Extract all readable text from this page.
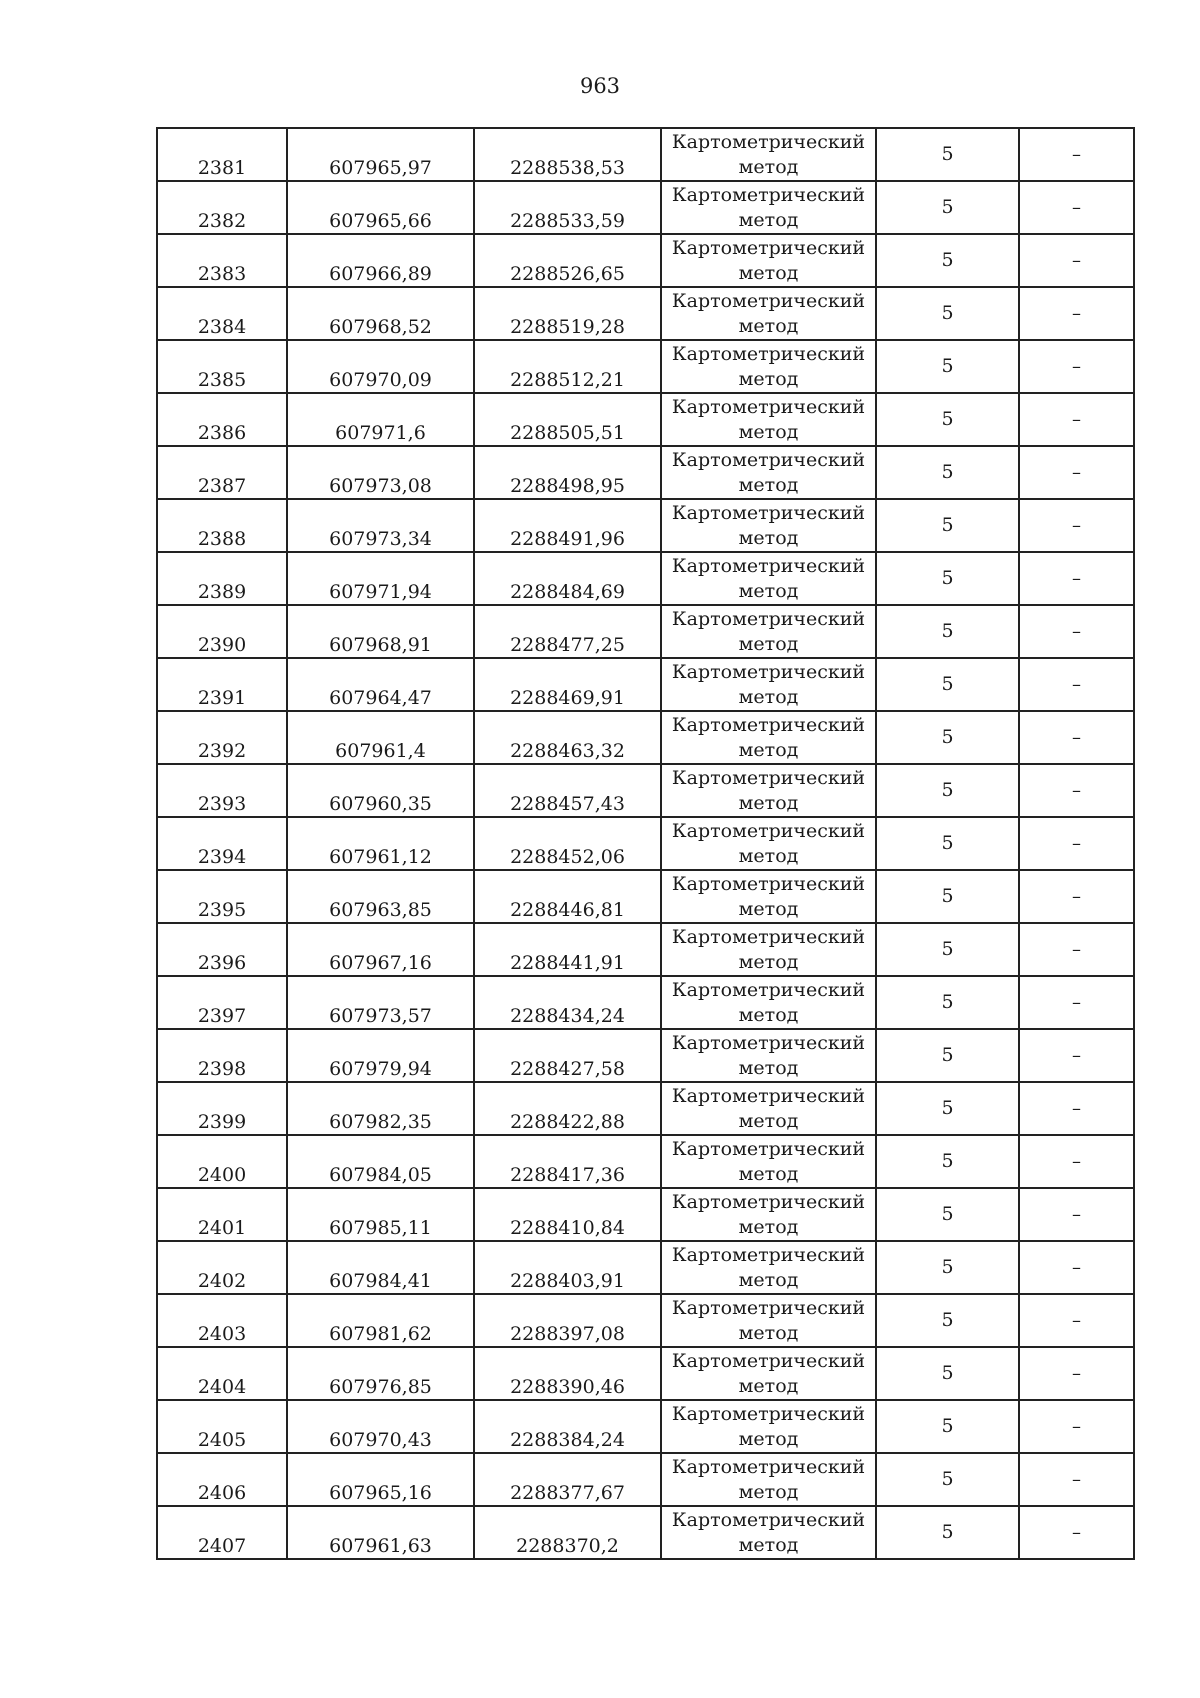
963
2381	607965,97	2288538,53	Картометрический
метод	5	–
2382	607965,66	2288533,59	Картометрический
метод	5	–
2383	607966,89	2288526,65	Картометрический
метод	5	–
2384	607968,52	2288519,28	Картометрический
метод	5	–
2385	607970,09	2288512,21	Картометрический
метод	5	–
2386	607971,6	2288505,51	Картометрический
метод	5	–
2387	607973,08	2288498,95	Картометрический
метод	5	–
2388	607973,34	2288491,96	Картометрический
метод	5	–
2389	607971,94	2288484,69	Картометрический
метод	5	–
2390	607968,91	2288477,25	Картометрический
метод	5	–
2391	607964,47	2288469,91	Картометрический
метод	5	–
2392	607961,4	2288463,32	Картометрический
метод	5	–
2393	607960,35	2288457,43	Картометрический
метод	5	–
2394	607961,12	2288452,06	Картометрический
метод	5	–
2395	607963,85	2288446,81	Картометрический
метод	5	–
2396	607967,16	2288441,91	Картометрический
метод	5	–
2397	607973,57	2288434,24	Картометрический
метод	5	–
2398	607979,94	2288427,58	Картометрический
метод	5	–
2399	607982,35	2288422,88	Картометрический
метод	5	–
2400	607984,05	2288417,36	Картометрический
метод	5	–
2401	607985,11	2288410,84	Картометрический
метод	5	–
2402	607984,41	2288403,91	Картометрический
метод	5	–
2403	607981,62	2288397,08	Картометрический
метод	5	–
2404	607976,85	2288390,46	Картометрический
метод	5	–
2405	607970,43	2288384,24	Картометрический
метод	5	–
2406	607965,16	2288377,67	Картометрический
метод	5	–
2407	607961,63	2288370,2	Картометрический
метод	5	–
